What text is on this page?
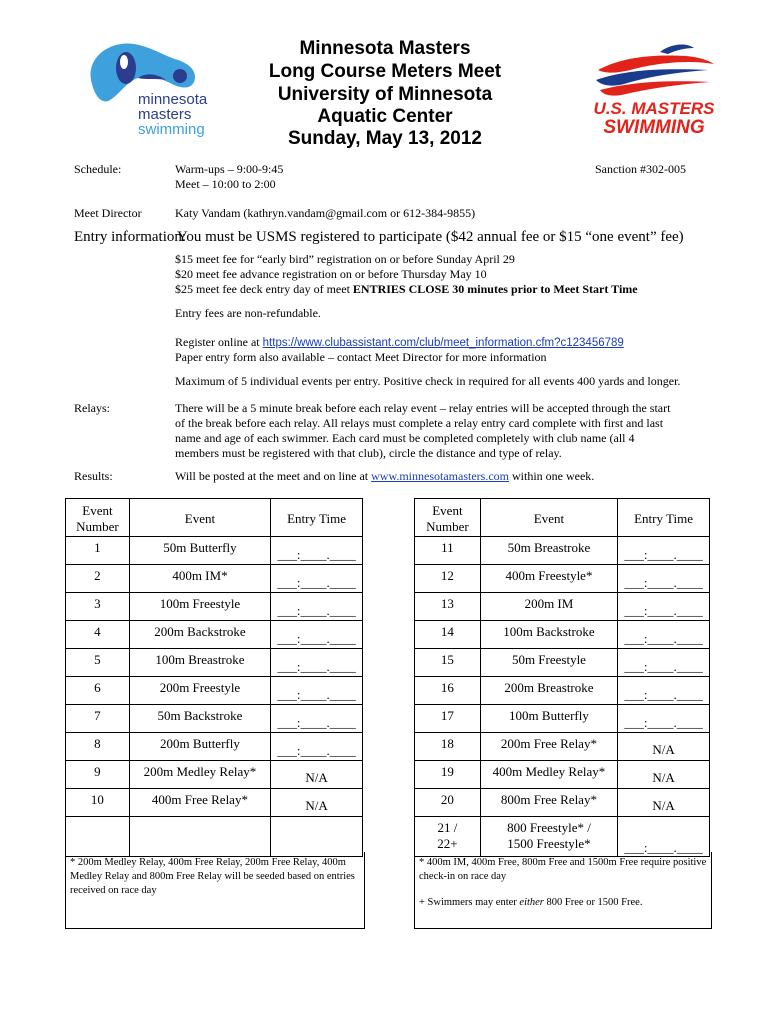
minnesota
masters
swimming
U.S. MASTERS
SWIMMING
Minnesota Masters
Long Course Meters Meet
University of Minnesota
Aquatic Center
Sunday, May 13, 2012
Schedule:	Warm-ups – 9:00-9:45
Meet – 10:00 to 2:00
Sanction #302-005
Meet Director	Katy Vandam (kathryn.vandam@gmail.com or 612-384-9855)
Entry information:
You must be USMS registered to participate ($42 annual fee or $15 “one event” fee)
$15 meet fee for “early bird” registration on or before Sunday April 29
$20 meet fee advance registration on or before Thursday May 10
$25 meet fee deck entry day of meet ENTRIES CLOSE 30 minutes prior to Meet Start Time
Entry fees are non-refundable.
Register online at https://www.clubassistant.com/club/meet_information.cfm?c123456789
Paper entry form also available – contact Meet Director for more information
Maximum of 5 individual events per entry. Positive check in required for all events 400 yards and longer.
Relays:	There will be a 5 minute break before each relay event – relay entries will be accepted through the start
of the break before each relay. All relays must complete a relay entry card complete with first and last
name and age of each swimmer. Each card must be completed completely with club name (all 4
members must be registered with that club), circle the distance and type of relay.
Results:	Will be posted at the meet and on line at www.minnesotamasters.com within one week.
Event
Number	Event	Entry Time
1	50m Butterfly	___:____.____
2	400m IM*	___:____.____
3	100m Freestyle	___:____.____
4	200m Backstroke	___:____.____
5	100m Breastroke	___:____.____
6	200m Freestyle	___:____.____
7	50m Backstroke	___:____.____
8	200m Butterfly	___:____.____
9	200m Medley Relay*	N/A
10	400m Free Relay*	N/A

Event
Number	Event	Entry Time
11	50m Breastroke	___:____.____
12	400m Freestyle*	___:____.____
13	200m IM	___:____.____
14	100m Backstroke	___:____.____
15	50m Freestyle	___:____.____
16	200m Breastroke	___:____.____
17	100m Butterfly	___:____.____
18	200m Free Relay*	N/A
19	400m Medley Relay*	N/A
20	800m Free Relay*	N/A
21 /
22+	800 Freestyle* /
1500 Freestyle*	___:____.____

* 200m Medley Relay, 400m Free Relay, 200m Free Relay, 400m Medley Relay and 800m Free Relay will be seeded based on entries received on race day

* 400m IM, 400m Free, 800m Free and 1500m Free require positive check-in on race day

+ Swimmers may enter either 800 Free or 1500 Free.
